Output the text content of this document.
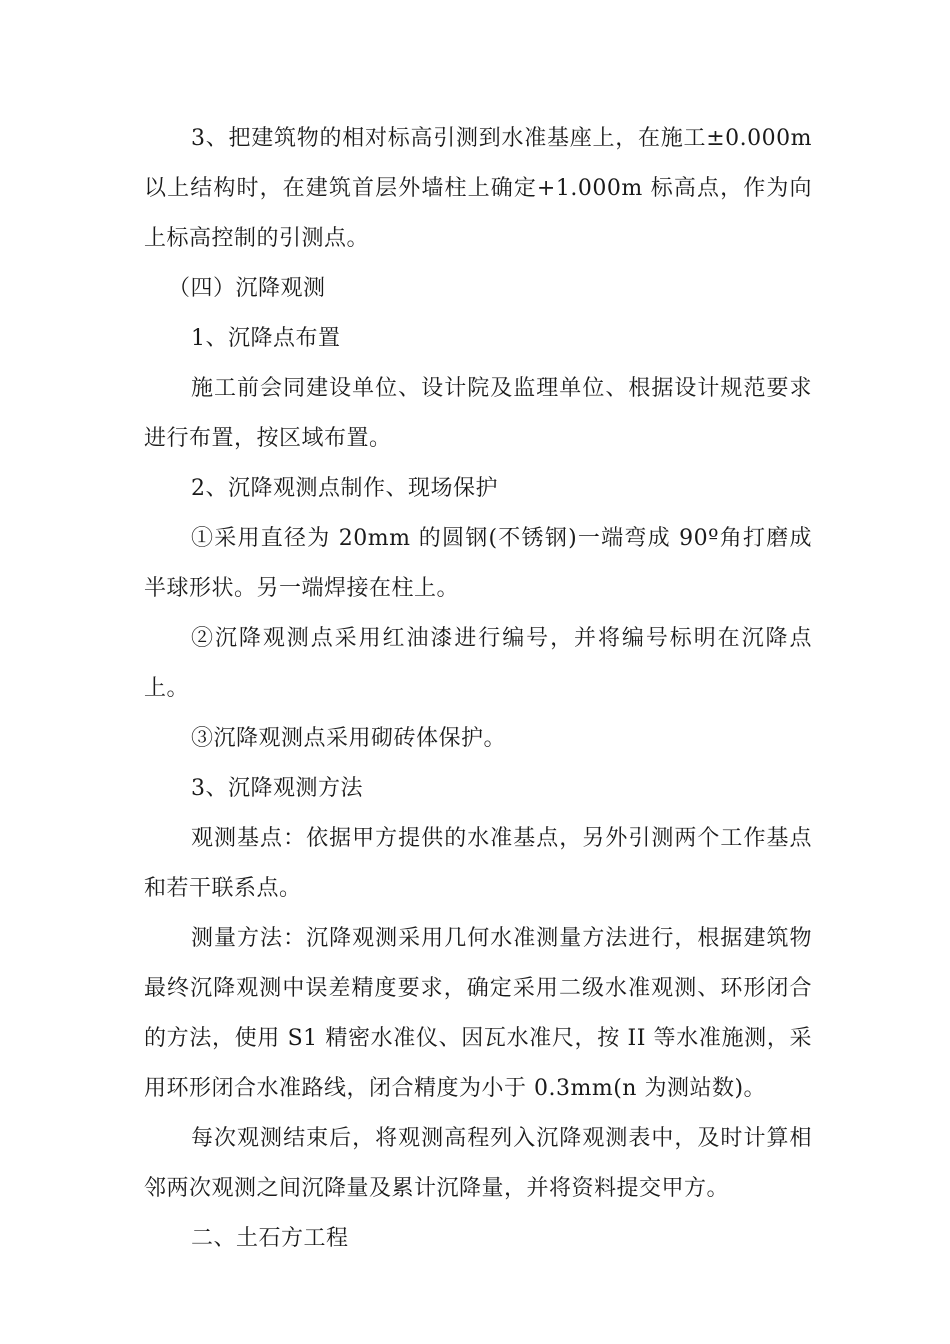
3、把建筑物的相对标高引测到水准基座上，在施工±0.000m 以上结构时，在建筑首层外墙柱上确定+1.000m 标高点，作为向上标高控制的引测点。

（四）沉降观测

1、沉降点布置

施工前会同建设单位、设计院及监理单位、根据设计规范要求进行布置，按区域布置。

2、沉降观测点制作、现场保护

①采用直径为 20mm 的圆钢(不锈钢)一端弯成 90º角打磨成半球形状。另一端焊接在柱上。

②沉降观测点采用红油漆进行编号，并将编号标明在沉降点上。

③沉降观测点采用砌砖体保护。

3、沉降观测方法

观测基点：依据甲方提供的水准基点，另外引测两个工作基点和若干联系点。

测量方法：沉降观测采用几何水准测量方法进行，根据建筑物最终沉降观测中误差精度要求，确定采用二级水准观测、环形闭合的方法，使用 S1 精密水准仪、因瓦水准尺，按 II 等水准施测，采用环形闭合水准路线，闭合精度为小于 0.3mm(n 为测站数)。

每次观测结束后，将观测高程列入沉降观测表中，及时计算相邻两次观测之间沉降量及累计沉降量，并将资料提交甲方。

二、土石方工程
